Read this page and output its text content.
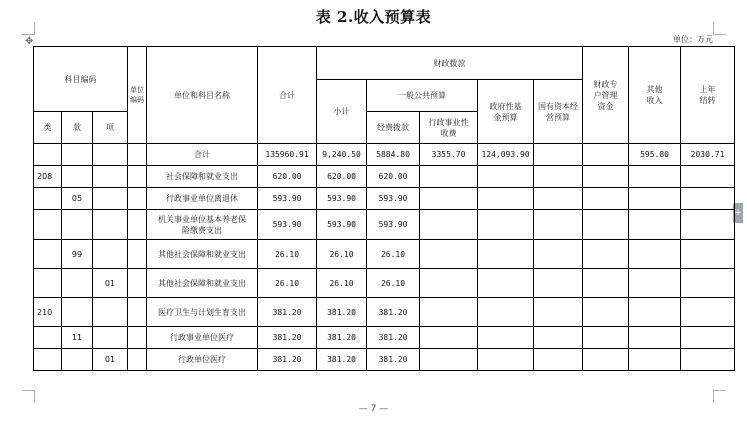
表 2.收入预算表
单位：万元
✥
+
科目编码			单位编码	单位和科目名称	合计	财政拨款					财政专户管理资金	其他收入	上年结转
						小计	一般公共预算		政府性基金预算	国有资本经营预算			
类	款	项					经费拨款	行政事业性收费					
				合计	135960.91	9,240.50	5884.80	3355.70	124,093.90			595.80	2030.71
208				社会保障和就业支出	620.00	620.00	620.00						
	05			行政事业单位离退休	593.90	593.90	593.90						
				机关事业单位基本养老保险缴费支出	593.90	593.90	593.90						
	99			其他社会保障和就业支出	26.10	26.10	26.10						
		01		其他社会保障和就业支出	26.10	26.10	26.10						
210				医疗卫生与计划生育支出	381.20	381.20	381.20						
	11			行政事业单位医疗	381.20	381.20	381.20						
		01		行政单位医疗	381.20	381.20	381.20						
— 7 —
